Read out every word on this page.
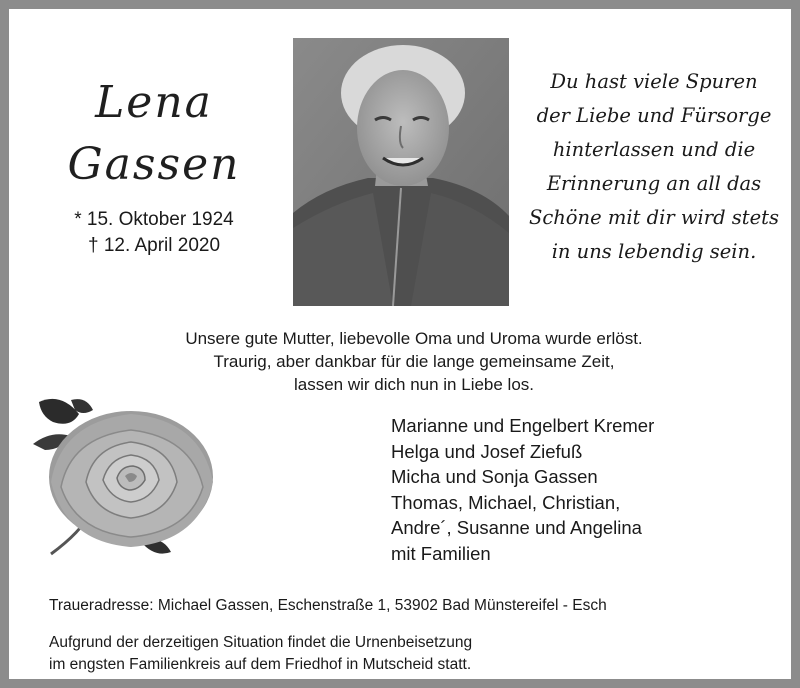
Lena
Gassen
* 15. Oktober 1924
† 12. April 2020
Du hast viele Spuren
der Liebe und Fürsorge
hinterlassen und die
Erinnerung an all das
Schöne mit dir wird stets
in uns lebendig sein.
Unsere gute Mutter, liebevolle Oma und Uroma wurde erlöst.
Traurig, aber dankbar für die lange gemeinsame Zeit,
lassen wir dich nun in Liebe los.
Marianne und Engelbert Kremer
Helga und Josef Ziefuß
Micha und Sonja Gassen
Thomas, Michael, Christian,
Andre´, Susanne und Angelina
mit Familien
Traueradresse: Michael Gassen, Eschenstraße 1, 53902 Bad Münstereifel - Esch
Aufgrund der derzeitigen Situation findet die Urnenbeisetzung
im engsten Familienkreis auf dem Friedhof in Mutscheid statt.
